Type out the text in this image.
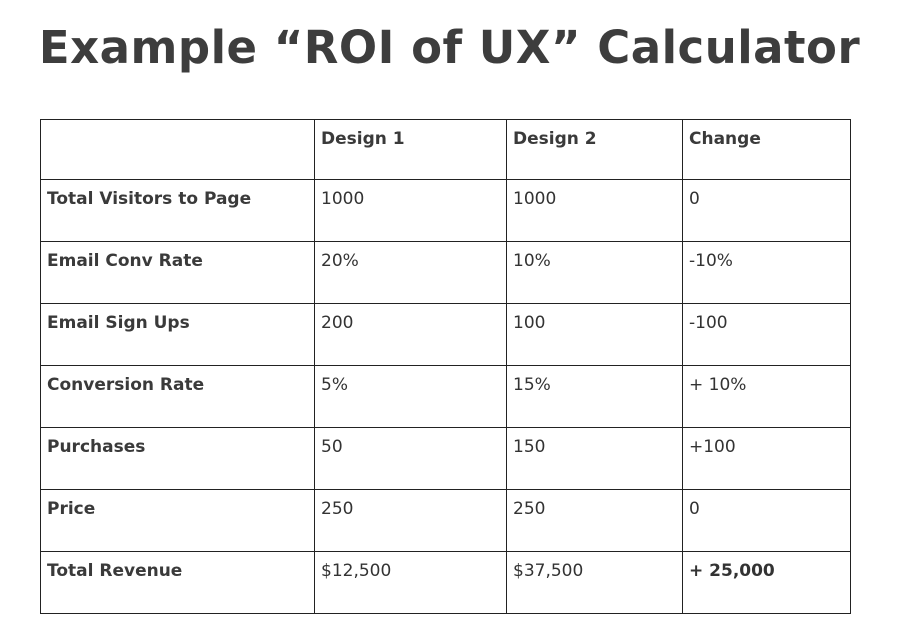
Example “ROI of UX” Calculator
	Design 1	Design 2	Change
Total Visitors to Page	1000	1000	0
Email Conv Rate	20%	10%	-10%
Email Sign Ups	200	100	-100
Conversion Rate	5%	15%	+ 10%
Purchases	50	150	+100
Price	250	250	0
Total Revenue	$12,500	$37,500	+ 25,000
